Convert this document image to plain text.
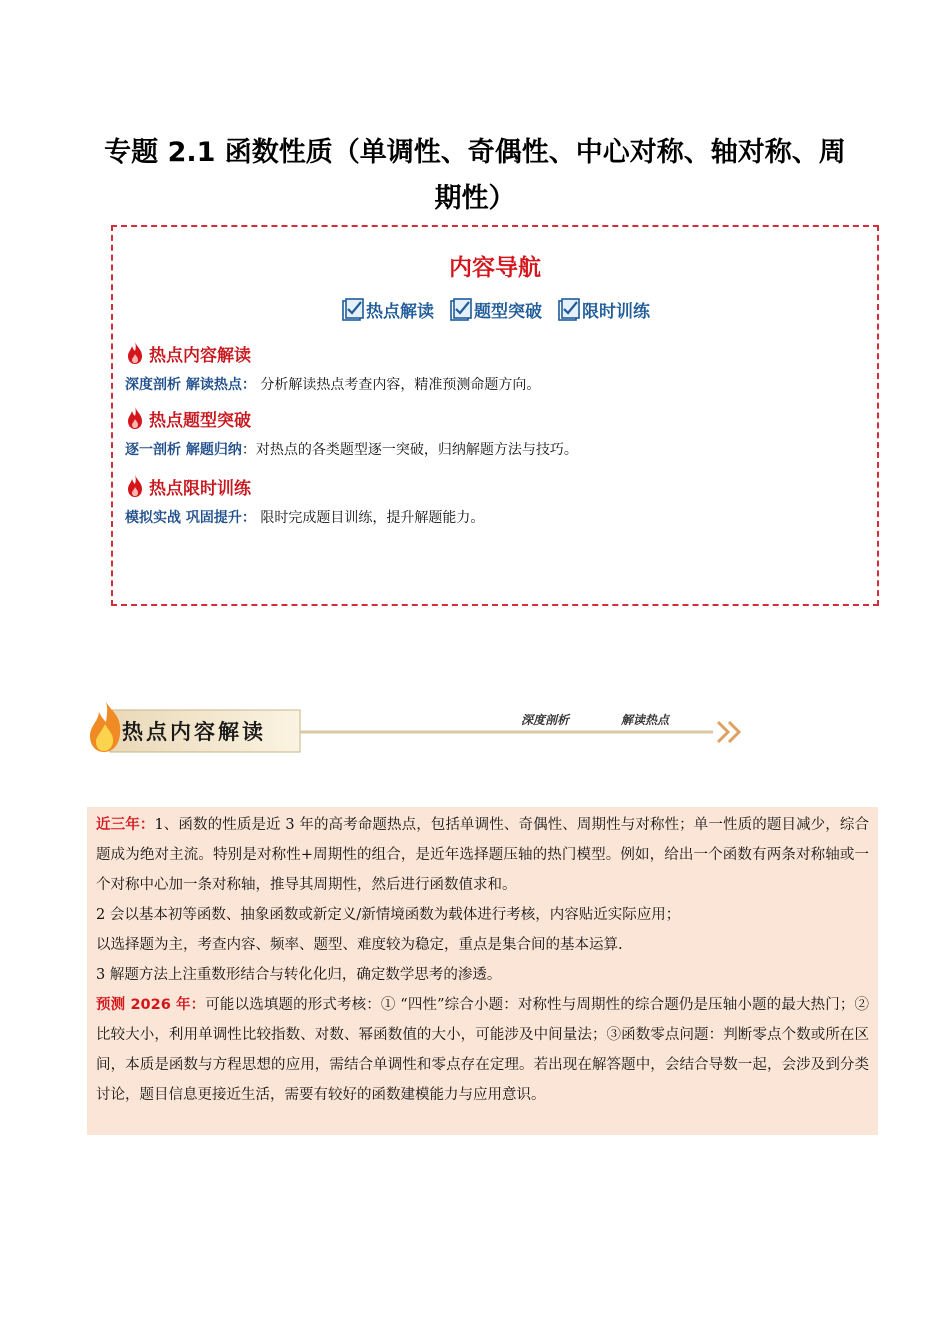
专题 2.1 函数性质（单调性、奇偶性、中心对称、轴对称、周
期性）
内容导航
热点解读 题型突破 限时训练
热点内容解读
深度剖析 解读热点： 分析解读热点考查内容，精准预测命题方向。
热点题型突破
逐一剖析 解题归纳：对热点的各类题型逐一突破，归纳解题方法与技巧。
热点限时训练
模拟实战 巩固提升： 限时完成题目训练，提升解题能力。
热点内容解读	深度剖析	解读热点

近三年：1、函数的性质是近 3 年的高考命题热点，包括单调性、奇偶性、周期性与对称性；单一性质的题目减少，综合题成为绝对主流。特别是对称性+周期性的组合，是近年选择题压轴的热门模型。例如，给出一个函数有两条对称轴或一个对称中心加一条对称轴，推导其周期性，然后进行函数值求和。

2 会以基本初等函数、抽象函数或新定义/新情境函数为载体进行考核，内容贴近实际应用；

以选择题为主，考查内容、频率、题型、难度较为稳定，重点是集合间的基本运算.

3 解题方法上注重数形结合与转化化归，确定数学思考的渗透。

预测 2026 年：可能以选填题的形式考核：① “四性”综合小题：对称性与周期性的综合题仍是压轴小题的最大热门；② 比较大小，利用单调性比较指数、对数、幂函数值的大小，可能涉及中间量法；③函数零点问题：判断零点个数或所在区间，本质是函数与方程思想的应用，需结合单调性和零点存在定理。若出现在解答题中，会结合导数一起，会涉及到分类讨论，题目信息更接近生活，需要有较好的函数建模能力与应用意识。
